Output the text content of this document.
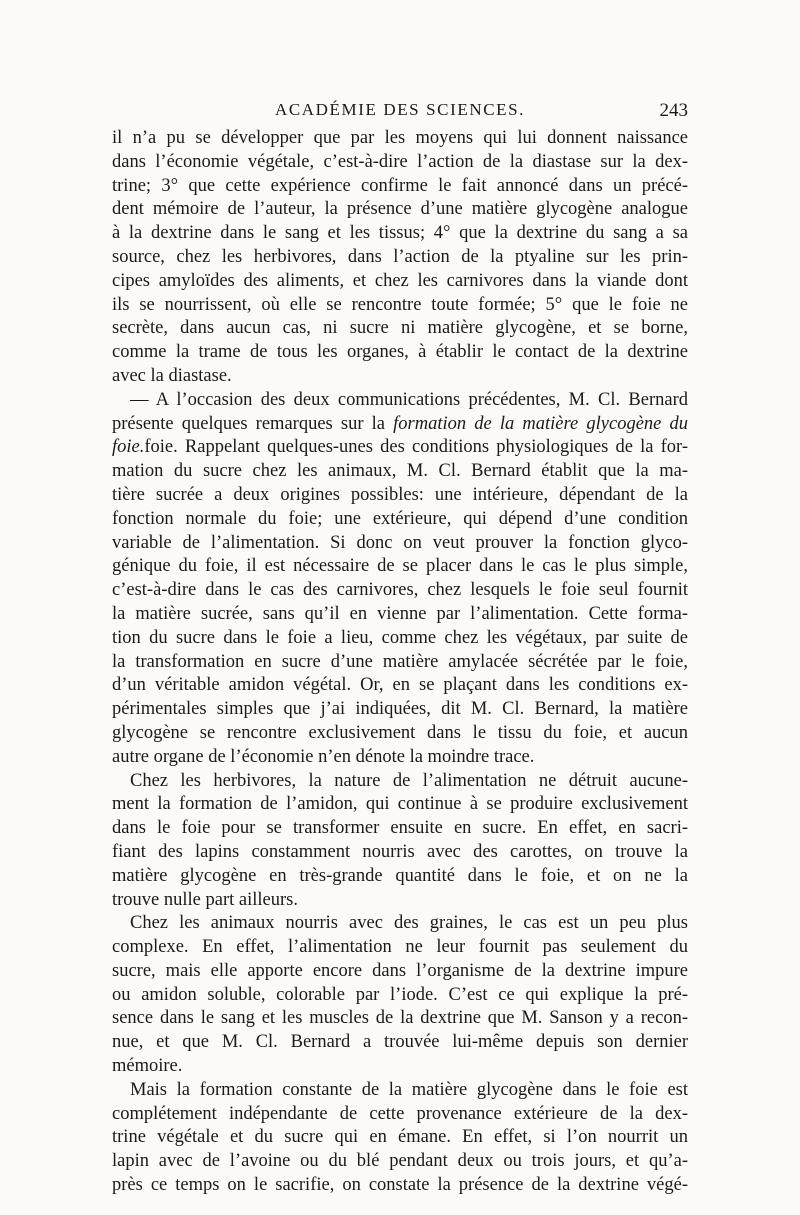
ACADÉMIE DES SCIENCES.	243
il n’a pu se développer que par les moyens qui lui donnent naissance
dans l’économie végétale, c’est-à-dire l’action de la diastase sur la dex-
trine; 3° que cette expérience confirme le fait annoncé dans un précé-
dent mémoire de l’auteur, la présence d’une matière glycogène analogue
à la dextrine dans le sang et les tissus; 4° que la dextrine du sang a sa
source, chez les herbivores, dans l’action de la ptyaline sur les prin-
cipes amyloïdes des aliments, et chez les carnivores dans la viande dont
ils se nourrissent, où elle se rencontre toute formée; 5° que le foie ne
secrète, dans aucun cas, ni sucre ni matière glycogène, et se borne,
comme la trame de tous les organes, à établir le contact de la dextrine
avec la diastase.
— A l’occasion des deux communications précédentes, M. Cl. Bernard
présente quelques remarques sur la formation de la matière glycogène du
foie.foie. Rappelant quelques-unes des conditions physiologiques de la for-
mation du sucre chez les animaux, M. Cl. Bernard établit que la ma-
tière sucrée a deux origines possibles: une intérieure, dépendant de la
fonction normale du foie; une extérieure, qui dépend d’une condition
variable de l’alimentation. Si donc on veut prouver la fonction glyco-
génique du foie, il est nécessaire de se placer dans le cas le plus simple,
c’est-à-dire dans le cas des carnivores, chez lesquels le foie seul fournit
la matière sucrée, sans qu’il en vienne par l’alimentation. Cette forma-
tion du sucre dans le foie a lieu, comme chez les végétaux, par suite de
la transformation en sucre d’une matière amylacée sécrétée par le foie,
d’un véritable amidon végétal. Or, en se plaçant dans les conditions ex-
périmentales simples que j’ai indiquées, dit M. Cl. Bernard, la matière
glycogène se rencontre exclusivement dans le tissu du foie, et aucun
autre organe de l’économie n’en dénote la moindre trace.
Chez les herbivores, la nature de l’alimentation ne détruit aucune-
ment la formation de l’amidon, qui continue à se produire exclusivement
dans le foie pour se transformer ensuite en sucre. En effet, en sacri-
fiant des lapins constamment nourris avec des carottes, on trouve la
matière glycogène en très-grande quantité dans le foie, et on ne la
trouve nulle part ailleurs.
Chez les animaux nourris avec des graines, le cas est un peu plus
complexe. En effet, l’alimentation ne leur fournit pas seulement du
sucre, mais elle apporte encore dans l’organisme de la dextrine impure
ou amidon soluble, colorable par l’iode. C’est ce qui explique la pré-
sence dans le sang et les muscles de la dextrine que M. Sanson y a recon-
nue, et que M. Cl. Bernard a trouvée lui-même depuis son dernier
mémoire.
Mais la formation constante de la matière glycogène dans le foie est
complétement indépendante de cette provenance extérieure de la dex-
trine végétale et du sucre qui en émane. En effet, si l’on nourrit un
lapin avec de l’avoine ou du blé pendant deux ou trois jours, et qu’a-
près ce temps on le sacrifie, on constate la présence de la dextrine végé-
